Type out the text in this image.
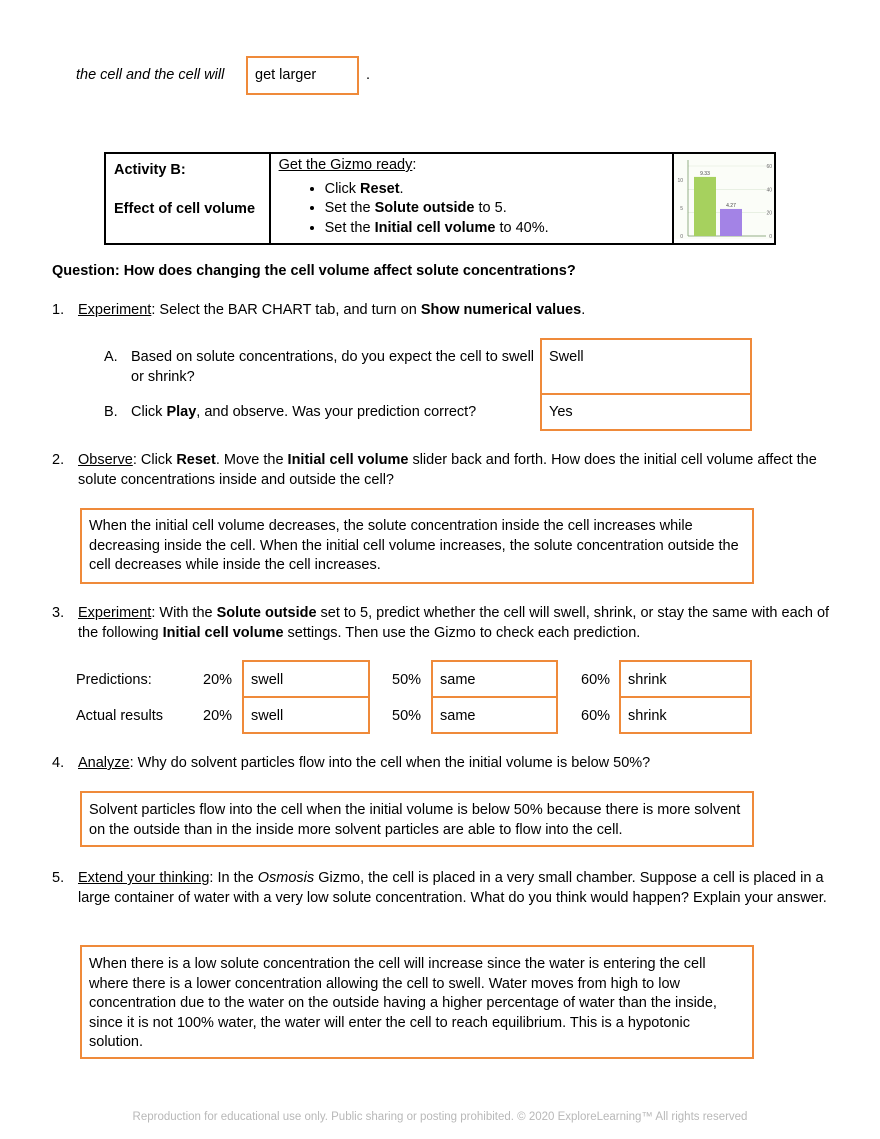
the cell and the cell will	get larger	.
Activity B:
Effect of cell volume

Get the Gizmo ready:
• Click Reset.
• Set the Solute outside to 5.
• Set the Initial cell volume to 40%.

60
40
20
0
10
5
0
9.33
4.27
Question: How does changing the cell volume affect solute concentrations?
1. Experiment: Select the BAR CHART tab, and turn on Show numerical values.
A. Based on solute concentrations, do you expect the cell to swell or shrink?
Swell
B. Click Play, and observe. Was your prediction correct?	Yes
2. Observe: Click Reset. Move the Initial cell volume slider back and forth. How does the initial cell volume affect the solute concentrations inside and outside the cell?
When the initial cell volume decreases, the solute concentration inside the cell increases while decreasing inside the cell. When the initial cell volume increases, the solute concentration outside the cell decreases while inside the cell increases.
3. Experiment: With the Solute outside set to 5, predict whether the cell will swell, shrink, or stay the same with each of the following Initial cell volume settings. Then use the Gizmo to check each prediction.
Predictions:	20%	swell	50%	same	60%	shrink
Actual results	20%	swell	50%	same	60%	shrink
4. Analyze: Why do solvent particles flow into the cell when the initial volume is below 50%?
Solvent particles flow into the cell when the initial volume is below 50% because there is more solvent on the outside than in the inside more solvent particles are able to flow into the cell.
5. Extend your thinking: In the Osmosis Gizmo, the cell is placed in a very small chamber. Suppose a cell is placed in a large container of water with a very low solute concentration. What do you think would happen? Explain your answer.
When there is a low solute concentration the cell will increase since the water is entering the cell where there is a lower concentration allowing the cell to swell. Water moves from high to low concentration due to the water on the outside having a higher percentage of water than the inside, since it is not 100% water, the water will enter the cell to reach equilibrium. This is a hypotonic solution.
Reproduction for educational use only. Public sharing or posting prohibited. © 2020 ExploreLearning™ All rights reserved
